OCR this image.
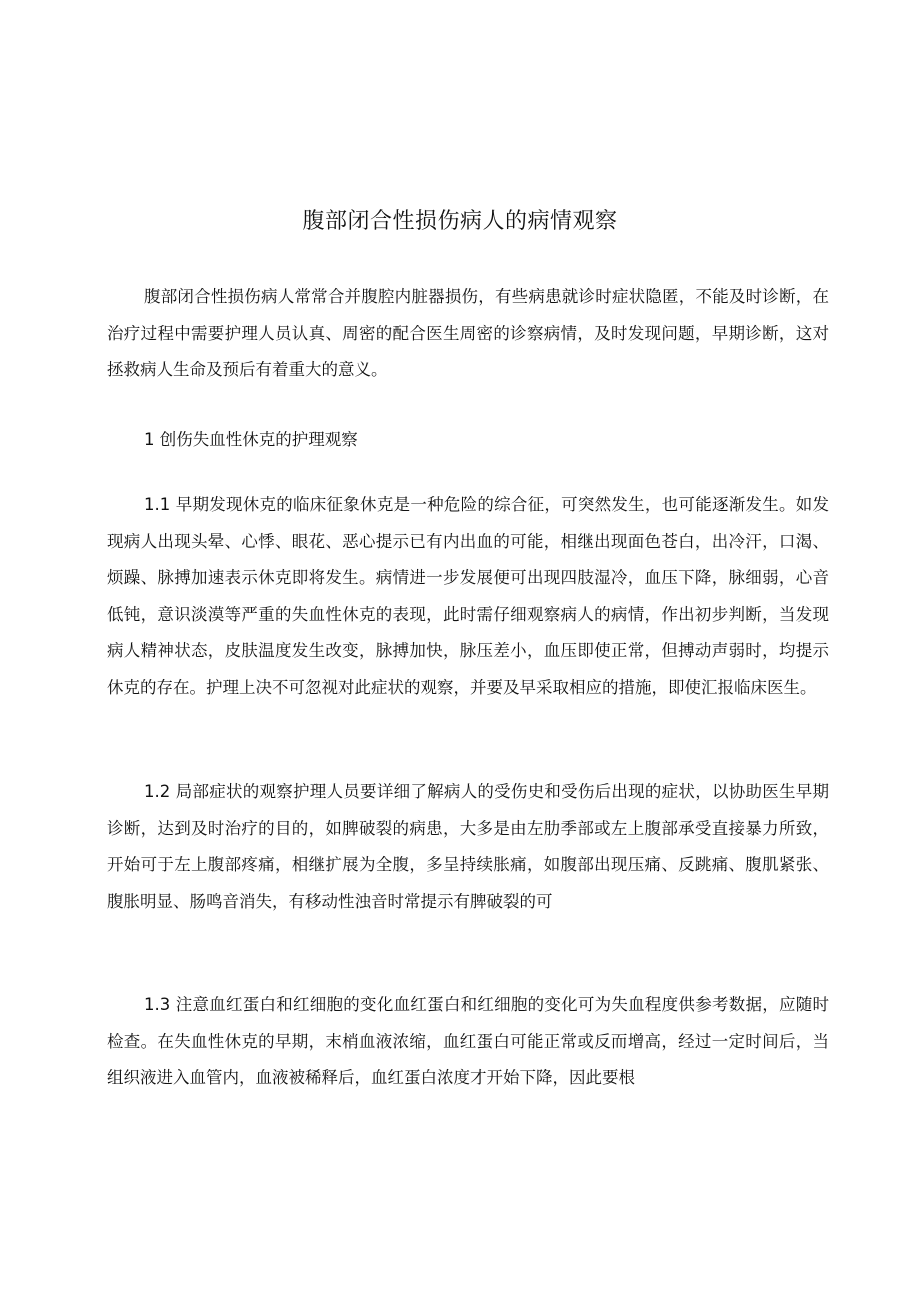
腹部闭合性损伤病人的病情观察

腹部闭合性损伤病人常常合并腹腔内脏器损伤，有些病患就诊时症状隐匿，不能及时诊断，在治疗过程中需要护理人员认真、周密的配合医生周密的诊察病情，及时发现问题，早期诊断，这对拯救病人生命及预后有着重大的意义。

1 创伤失血性休克的护理观察

1.1 早期发现休克的临床征象休克是一种危险的综合征，可突然发生，也可能逐渐发生。如发现病人出现头晕、心悸、眼花、恶心提示已有内出血的可能，相继出现面色苍白，出冷汗，口渴、烦躁、脉搏加速表示休克即将发生。病情进一步发展便可出现四肢湿冷，血压下降，脉细弱，心音低钝，意识淡漠等严重的失血性休克的表现，此时需仔细观察病人的病情，作出初步判断，当发现病人精神状态，皮肤温度发生改变，脉搏加快，脉压差小，血压即使正常，但搏动声弱时，均提示休克的存在。护理上决不可忽视对此症状的观察，并要及早采取相应的措施，即使汇报临床医生。

1.2 局部症状的观察护理人员要详细了解病人的受伤史和受伤后出现的症状，以协助医生早期诊断，达到及时治疗的目的，如脾破裂的病患，大多是由左肋季部或左上腹部承受直接暴力所致，开始可于左上腹部疼痛，相继扩展为全腹，多呈持续胀痛，如腹部出现压痛、反跳痛、腹肌紧张、腹胀明显、肠鸣音消失，有移动性浊音时常提示有脾破裂的可

1.3 注意血红蛋白和红细胞的变化血红蛋白和红细胞的变化可为失血程度供参考数据，应随时检查。在失血性休克的早期，末梢血液浓缩，血红蛋白可能正常或反而增高，经过一定时间后，当组织液进入血管内，血液被稀释后，血红蛋白浓度才开始下降，因此要根
